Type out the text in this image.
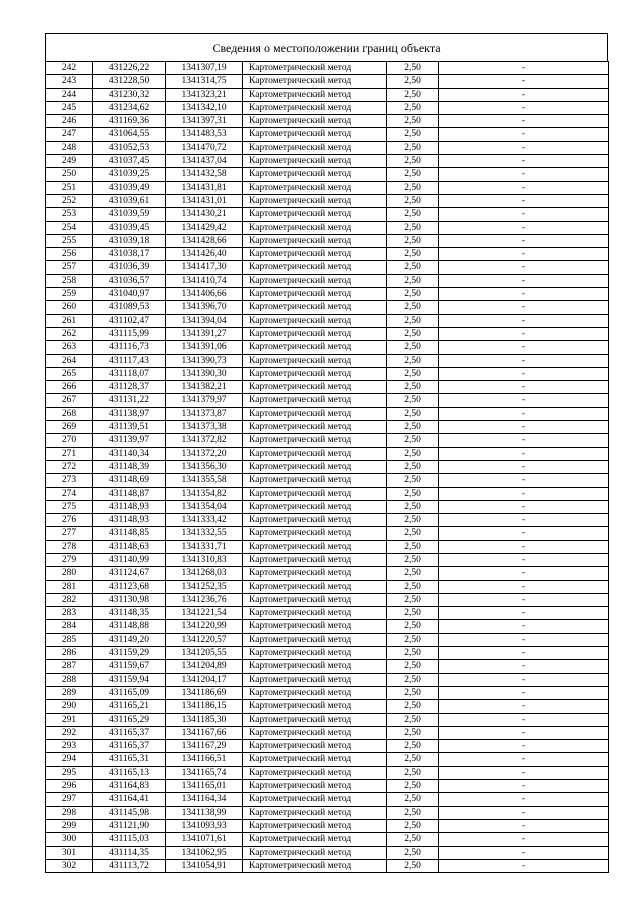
Сведения о местоположении границ объекта
242	431226,22	1341307,19	Картометрический метод	2,50	-
243	431228,50	1341314,75	Картометрический метод	2,50	-
244	431230,32	1341323,21	Картометрический метод	2,50	-
245	431234,62	1341342,10	Картометрический метод	2,50	-
246	431169,36	1341397,31	Картометрический метод	2,50	-
247	431064,55	1341483,53	Картометрический метод	2,50	-
248	431052,53	1341470,72	Картометрический метод	2,50	-
249	431037,45	1341437,04	Картометрический метод	2,50	-
250	431039,25	1341432,58	Картометрический метод	2,50	-
251	431039,49	1341431,81	Картометрический метод	2,50	-
252	431039,61	1341431,01	Картометрический метод	2,50	-
253	431039,59	1341430,21	Картометрический метод	2,50	-
254	431039,45	1341429,42	Картометрический метод	2,50	-
255	431039,18	1341428,66	Картометрический метод	2,50	-
256	431038,17	1341426,40	Картометрический метод	2,50	-
257	431036,39	1341417,30	Картометрический метод	2,50	-
258	431036,57	1341410,74	Картометрический метод	2,50	-
259	431040,97	1341406,66	Картометрический метод	2,50	-
260	431089,53	1341396,70	Картометрический метод	2,50	-
261	431102,47	1341394,04	Картометрический метод	2,50	-
262	431115,99	1341391,27	Картометрический метод	2,50	-
263	431116,73	1341391,06	Картометрический метод	2,50	-
264	431117,43	1341390,73	Картометрический метод	2,50	-
265	431118,07	1341390,30	Картометрический метод	2,50	-
266	431128,37	1341382,21	Картометрический метод	2,50	-
267	431131,22	1341379,97	Картометрический метод	2,50	-
268	431138,97	1341373,87	Картометрический метод	2,50	-
269	431139,51	1341373,38	Картометрический метод	2,50	-
270	431139,97	1341372,82	Картометрический метод	2,50	-
271	431140,34	1341372,20	Картометрический метод	2,50	-
272	431148,39	1341356,30	Картометрический метод	2,50	-
273	431148,69	1341355,58	Картометрический метод	2,50	-
274	431148,87	1341354,82	Картометрический метод	2,50	-
275	431148,93	1341354,04	Картометрический метод	2,50	-
276	431148,93	1341333,42	Картометрический метод	2,50	-
277	431148,85	1341332,55	Картометрический метод	2,50	-
278	431148,63	1341331,71	Картометрический метод	2,50	-
279	431140,99	1341310,83	Картометрический метод	2,50	-
280	431124,67	1341268,03	Картометрический метод	2,50	-
281	431123,68	1341252,35	Картометрический метод	2,50	-
282	431130,98	1341236,76	Картометрический метод	2,50	-
283	431148,35	1341221,54	Картометрический метод	2,50	-
284	431148,88	1341220,99	Картометрический метод	2,50	-
285	431149,20	1341220,57	Картометрический метод	2,50	-
286	431159,29	1341205,55	Картометрический метод	2,50	-
287	431159,67	1341204,89	Картометрический метод	2,50	-
288	431159,94	1341204,17	Картометрический метод	2,50	-
289	431165,09	1341186,69	Картометрический метод	2,50	-
290	431165,21	1341186,15	Картометрический метод	2,50	-
291	431165,29	1341185,30	Картометрический метод	2,50	-
292	431165,37	1341167,66	Картометрический метод	2,50	-
293	431165,37	1341167,29	Картометрический метод	2,50	-
294	431165,31	1341166,51	Картометрический метод	2,50	-
295	431165,13	1341165,74	Картометрический метод	2,50	-
296	431164,83	1341165,01	Картометрический метод	2,50	-
297	431164,41	1341164,34	Картометрический метод	2,50	-
298	431145,98	1341138,99	Картометрический метод	2,50	-
299	431121,90	1341093,93	Картометрический метод	2,50	-
300	431115,03	1341071,61	Картометрический метод	2,50	-
301	431114,35	1341062,95	Картометрический метод	2,50	-
302	431113,72	1341054,91	Картометрический метод	2,50	-
